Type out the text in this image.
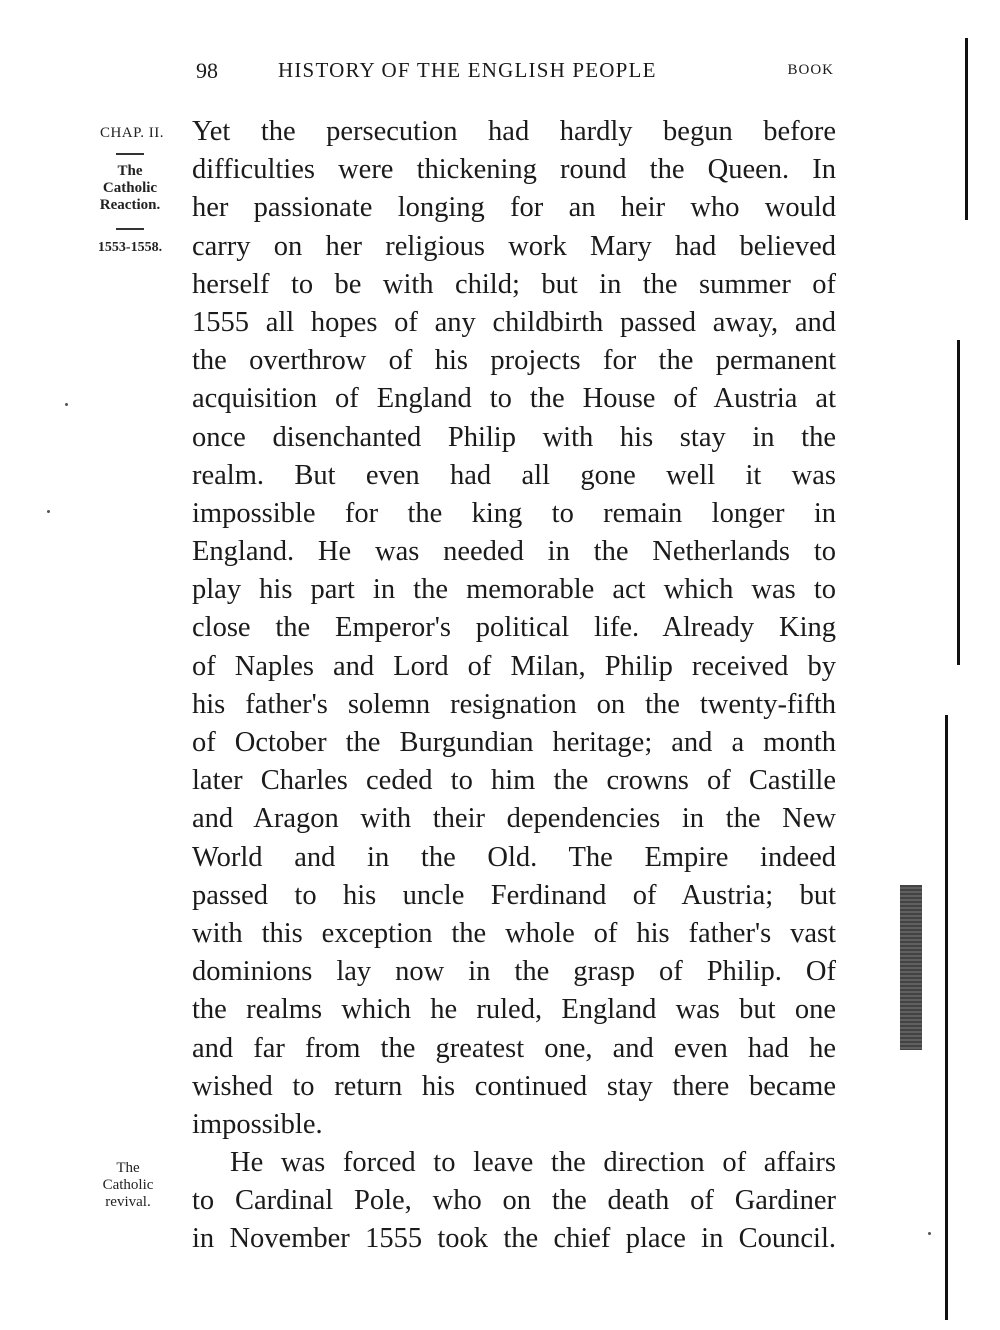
98	HISTORY OF THE ENGLISH PEOPLE	BOOK
CHAP. II.
The
Catholic
Reaction.
1553-1558.
The
Catholic
revival.
Yet the persecution had hardly begun before
difficulties were thickening round the Queen. In
her passionate longing for an heir who would
carry on her religious work Mary had believed
herself to be with child; but in the summer of
1555 all hopes of any childbirth passed away, and
the overthrow of his projects for the permanent
acquisition of England to the House of Austria at
once disenchanted Philip with his stay in the
realm. But even had all gone well it was
impossible for the king to remain longer in
England. He was needed in the Netherlands to
play his part in the memorable act which was to
close the Emperor's political life. Already King
of Naples and Lord of Milan, Philip received by
his father's solemn resignation on the twenty-fifth
of October the Burgundian heritage; and a month
later Charles ceded to him the crowns of Castille
and Aragon with their dependencies in the New
World and in the Old. The Empire indeed
passed to his uncle Ferdinand of Austria; but
with this exception the whole of his father's vast
dominions lay now in the grasp of Philip. Of
the realms which he ruled, England was but one
and far from the greatest one, and even had he
wished to return his continued stay there became
impossible.
He was forced to leave the direction of affairs
to Cardinal Pole, who on the death of Gardiner
in November 1555 took the chief place in Council.
